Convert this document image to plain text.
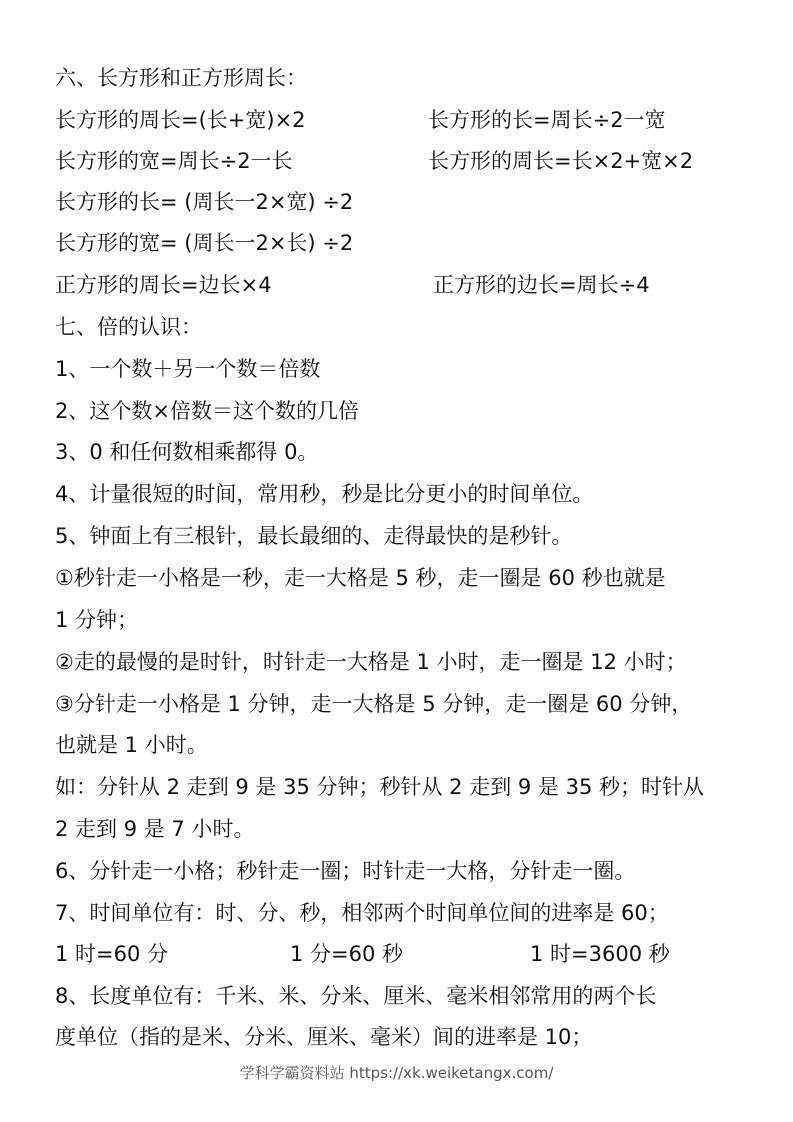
六、长方形和正方形周长：
长方形的周长=(长+宽)×2	长方形的长=周长÷2一宽
长方形的宽=周长÷2一长	长方形的周长=长×2+宽×2
长方形的长= (周长一2×宽) ÷2
长方形的宽= (周长一2×长) ÷2
正方形的周长=边长×4	正方形的边长=周长÷4
七、倍的认识：
1、一个数＋另一个数＝倍数
2、这个数×倍数＝这个数的几倍
3、0 和任何数相乘都得 0。
4、计量很短的时间，常用秒，秒是比分更小的时间单位。
5、钟面上有三根针，最长最细的、走得最快的是秒针。
①秒针走一小格是一秒，走一大格是 5 秒，走一圈是 60 秒也就是
1 分钟；
②走的最慢的是时针，时针走一大格是 1 小时，走一圈是 12 小时；
③分针走一小格是 1 分钟，走一大格是 5 分钟，走一圈是 60 分钟，
也就是 1 小时。
如：分针从 2 走到 9 是 35 分钟；秒针从 2 走到 9 是 35 秒；时针从
2 走到 9 是 7 小时。
6、分针走一小格；秒针走一圈；时针走一大格，分针走一圈。
7、时间单位有：时、分、秒，相邻两个时间单位间的进率是 60；
1 时=60 分	1 分=60 秒	1 时=3600 秒
8、长度单位有：千米、米、分米、厘米、毫米相邻常用的两个长
度单位（指的是米、分米、厘米、毫米）间的进率是 10；
学科学霸资料站 https://xk.weiketangx.com/
